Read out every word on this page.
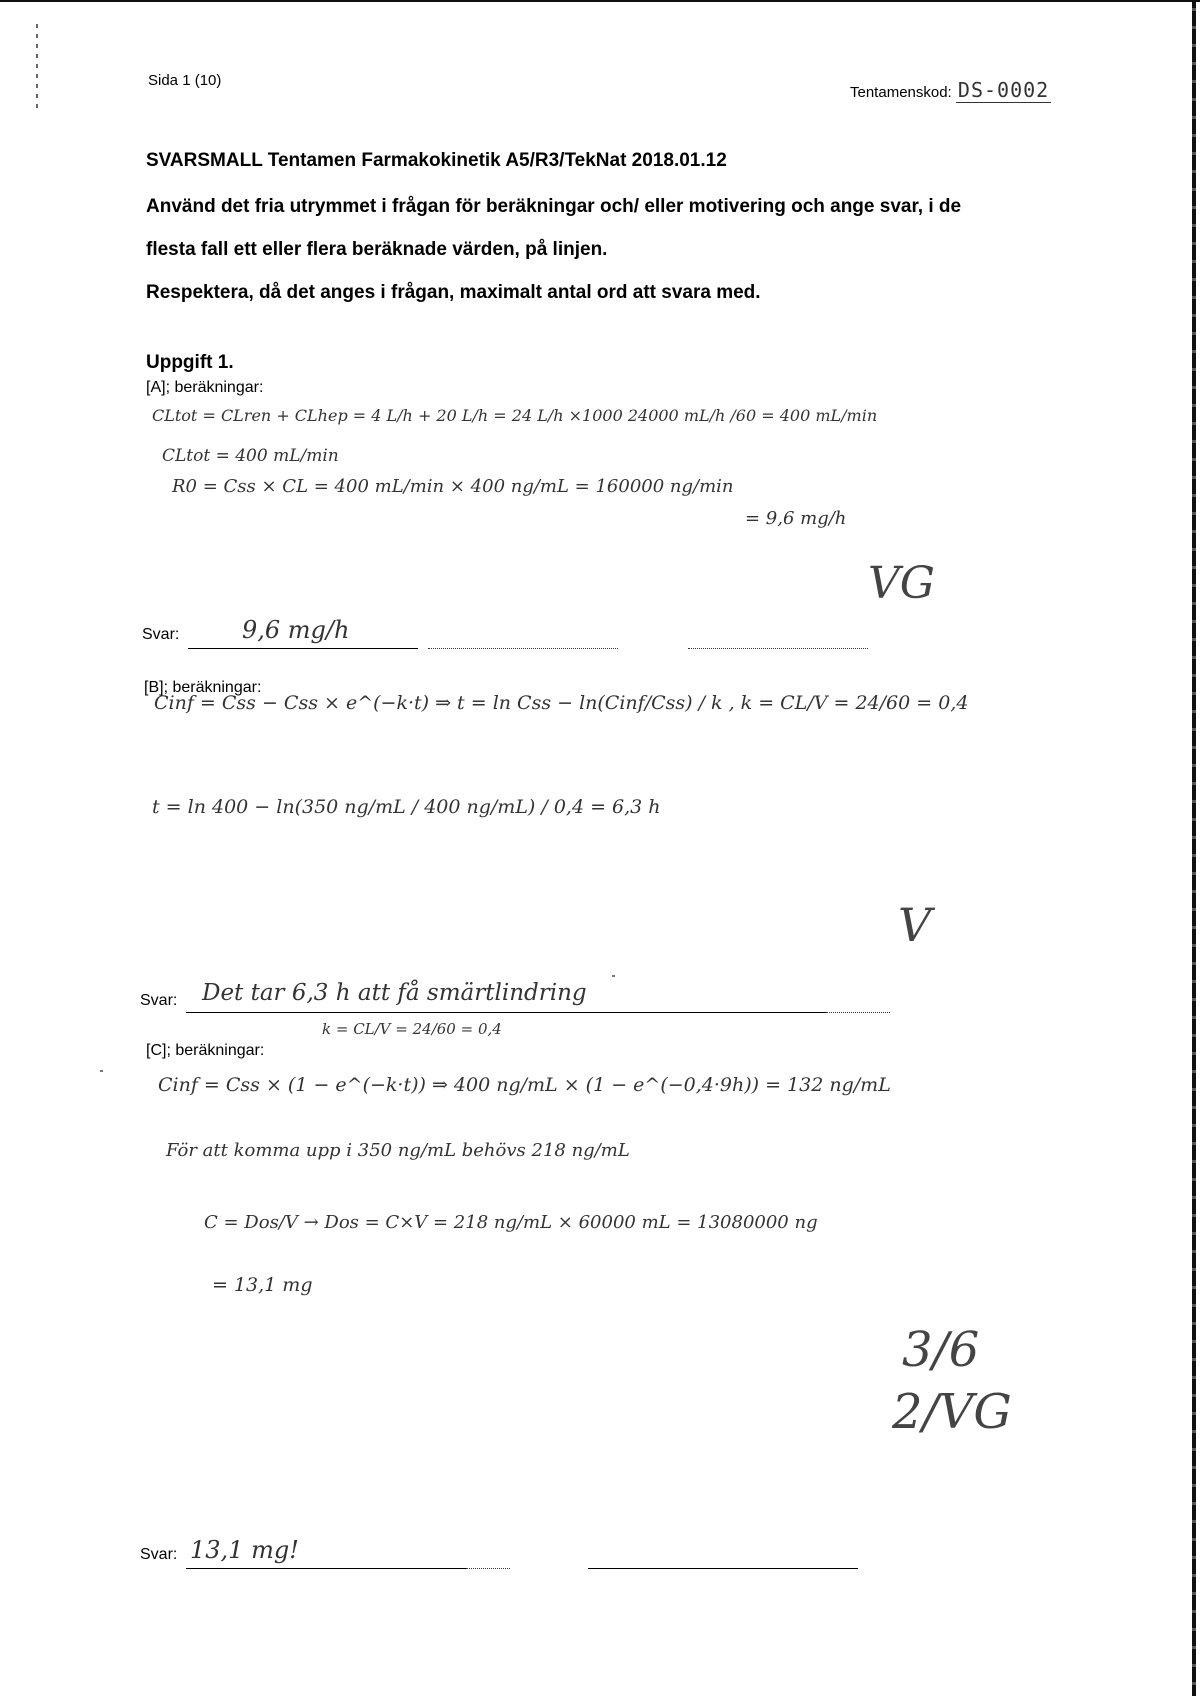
Sida 1 (10)
Tentamenskod: DS-0002
SVARSMALL Tentamen Farmakokinetik A5/R3/TekNat 2018.01.12
Använd det fria utrymmet i frågan för beräkningar och/ eller motivering och ange svar, i de
flesta fall ett eller flera beräknade värden, på linjen.
Respektera, då det anges i frågan, maximalt antal ord att svara med.
Uppgift 1.
[A]; beräkningar:
CLtot = CLren + CLhep = 4 L/h + 20 L/h = 24 L/h ×1000 24000 mL/h /60 = 400 mL/min
CLtot = 400 mL/min
R0 = Css × CL = 400 mL/min × 400 ng/mL = 160000 ng/min
= 9,6 mg/h
VG
Svar:	9,6 mg/h
[B]; beräkningar:
Cinf = Css − Css × e^(−k·t) ⇒ t = ln Css − ln(Cinf/Css) / k , k = CL/V = 24/60 = 0,4
t = ln 400 − ln(350 ng/mL / 400 ng/mL) / 0,4 = 6,3 h
V
Svar: Det tar 6,3 h att få smärtlindring
[C]; beräkningar:
k = CL/V = 24/60 = 0,4
Cinf = Css × (1 − e^(−k·t)) ⇒ 400 ng/mL × (1 − e^(−0,4·9h)) = 132 ng/mL
För att komma upp i 350 ng/mL behövs 218 ng/mL
C = Dos/V → Dos = C×V = 218 ng/mL × 60000 mL = 13080000 ng
= 13,1 mg
3/6
2/VG
Svar: 13,1 mg!
